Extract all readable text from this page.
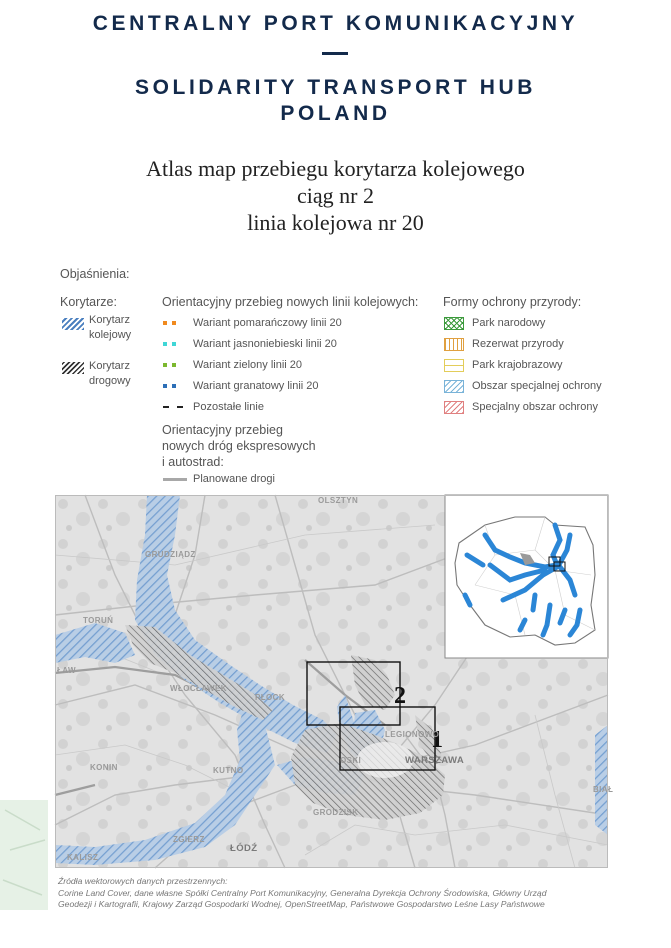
CENTRALNY PORT KOMUNIKACYJNY
SOLIDARITY TRANSPORT HUB
POLAND
Atlas map przebiegu korytarza kolejowego
ciąg nr 2
linia kolejowa nr 20
Objaśnienia:
Korytarze:
Korytarz
kolejowy
Korytarz
drogowy
Orientacyjny przebieg nowych linii kolejowych:
Wariant pomarańczowy linii 20
Wariant jasnoniebieski linii 20
Wariant zielony linii 20
Wariant granatowy linii 20
Pozostałe linie
Orientacyjny przebieg
nowych dróg ekspresowych
i autostrad:
Planowane drogi
Formy ochrony przyrody:
Park narodowy
Rezerwat przyrody
Park krajobrazowy
Obszar specjalnej ochrony
Specjalny obszar ochrony
2
1
OLSZTYN
GRUDZIĄDZ
TORUŃ
WŁOCŁAWEK
PŁOCK
LEGIONOWO
WARSZAWA
KONIN	KUTNO
GRODZISK
ZGIERZ
ŁÓDŹ
KALISZ
BIAŁ
ŁAW
OSKI
Źródła wektorowych danych przestrzennych:
Corine Land Cover, dane własne Spółki Centralny Port Komunikacyjny, Generalna Dyrekcja Ochrony Środowiska, Główny Urząd
Geodezji i Kartografii, Krajowy Zarząd Gospodarki Wodnej, OpenStreetMap, Państwowe Gospodarstwo Leśne Lasy Państwowe
